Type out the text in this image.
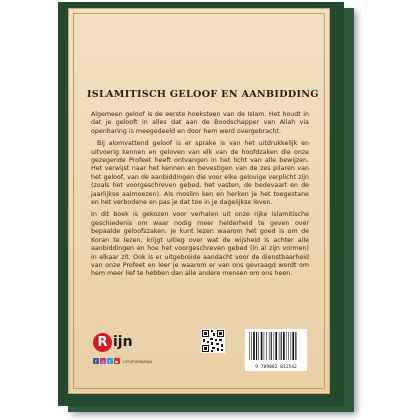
ISLAMITISCH GELOOF EN AANBIDDING

Algemeen geloof is de eerste hoeksteen van de Islam. Het houdt in dat je gelooft in alles dat aan de Boodschapper van Allah via openbaring is meegedeeld en door hem werd overgebracht.

Bij alomvattend geloof is er sprake is van het uitdrukkelijk en uitvoerig kennen en geloven van elk van de hoofdzaken die onze gezegende Profeet heeft ontvangen in het licht van alle bewijzen. Het verwijst naar het kennen en bevestigen van de zes pilaren van het geloof, van de aanbiddingen die voor elke gelovige verplicht zijn (zoals het voorgeschreven gebed, het vasten, de bedevaart en de jaarlijkse aalmoezen). Als moslim ken en herken je het toegestane en het verbodene en pas je dat toe in je dagelijkse leven.

In dit boek is gekozen voor verhalen uit onze rijke islamitische geschiedenis om waar nodig meer helderheid te geven over bepaalde geloofszaken. Je kunt lezen waarom het goed is om de Koran te lezen, krijgt uitleg over wat de wijsheid is achter alle aanbiddingen en hoe het voorgeschreven gebed (in al zijn vormen) in elkaar zit. Ook is er uitgebreide aandacht voor de dienstbaarheid van onze Profeet en leer je waarom er van ons gevraagd wordt om hem meer lief te hebben dan alle andere mensen om ons heen.

R ijn
f	◎	t	▶	UITGEVERIJRIJN
9 789082 831542
